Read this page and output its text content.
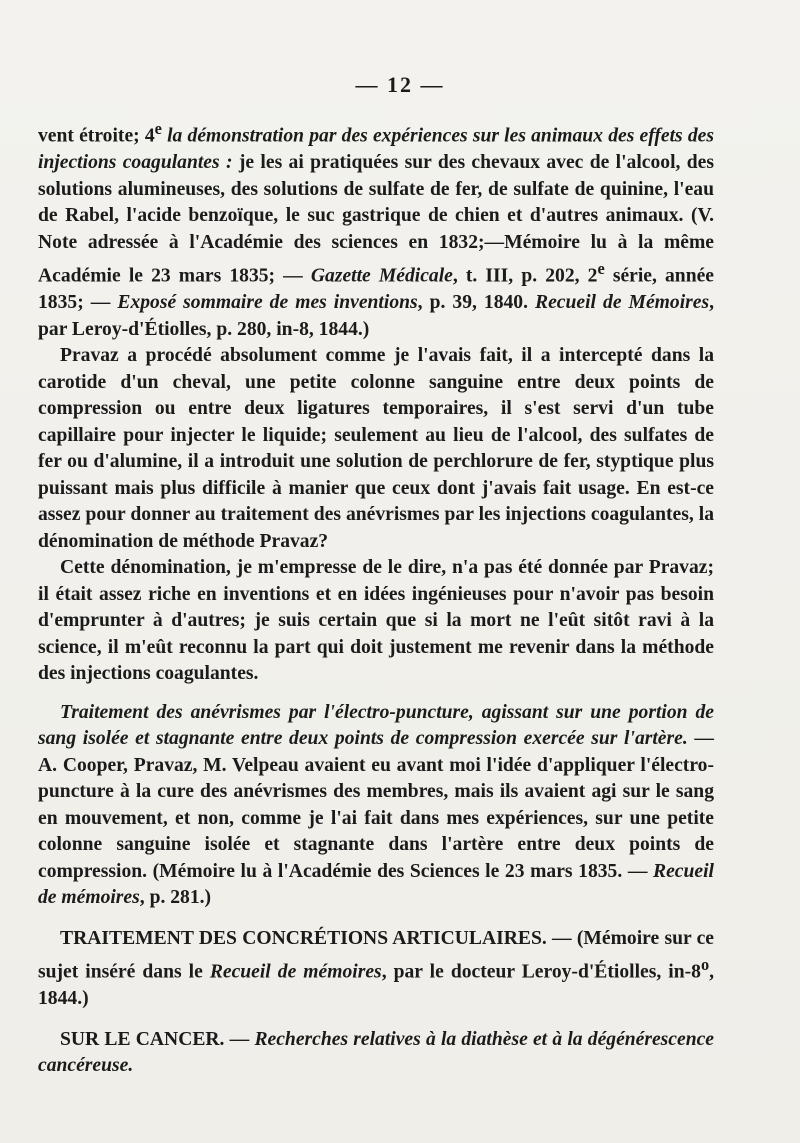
— 12 —

vent étroite; 4e la démonstration par des expériences sur les animaux des effets des injections coagulantes : je les ai pratiquées sur des chevaux avec de l'alcool, des solutions alumineuses, des solutions de sulfate de fer, de sulfate de quinine, l'eau de Rabel, l'acide benzoïque, le suc gastrique de chien et d'autres animaux. (V. Note adressée à l'Académie des sciences en 1832;—Mémoire lu à la même Académie le 23 mars 1835; — Gazette Médicale, t. III, p. 202, 2e série, année 1835; — Exposé sommaire de mes inventions, p. 39, 1840. Recueil de Mémoires, par Leroy-d'Étiolles, p. 280, in-8, 1844.)

Pravaz a procédé absolument comme je l'avais fait, il a intercepté dans la carotide d'un cheval, une petite colonne sanguine entre deux points de compression ou entre deux ligatures temporaires, il s'est servi d'un tube capillaire pour injecter le liquide; seulement au lieu de l'alcool, des sulfates de fer ou d'alumine, il a introduit une solution de perchlorure de fer, styptique plus puissant mais plus difficile à manier que ceux dont j'avais fait usage. En est-ce assez pour donner au traitement des anévrismes par les injections coagulantes, la dénomination de méthode Pravaz?

Cette dénomination, je m'empresse de le dire, n'a pas été donnée par Pravaz; il était assez riche en inventions et en idées ingénieuses pour n'avoir pas besoin d'emprunter à d'autres; je suis certain que si la mort ne l'eût sitôt ravi à la science, il m'eût reconnu la part qui doit justement me revenir dans la méthode des injections coagulantes.

Traitement des anévrismes par l'électro-puncture, agissant sur une portion de sang isolée et stagnante entre deux points de compression exercée sur l'artère. — A. Cooper, Pravaz, M. Velpeau avaient eu avant moi l'idée d'appliquer l'électro-puncture à la cure des anévrismes des membres, mais ils avaient agi sur le sang en mouvement, et non, comme je l'ai fait dans mes expériences, sur une petite colonne sanguine isolée et stagnante dans l'artère entre deux points de compression. (Mémoire lu à l'Académie des Sciences le 23 mars 1835. — Recueil de mémoires, p. 281.)

TRAITEMENT DES CONCRÉTIONS ARTICULAIRES. — (Mémoire sur ce sujet inséré dans le Recueil de mémoires, par le docteur Leroy-d'Étiolles, in-8$^o$, 1844.)

SUR LE CANCER. — Recherches relatives à la diathèse et à la dégénérescence cancéreuse.
